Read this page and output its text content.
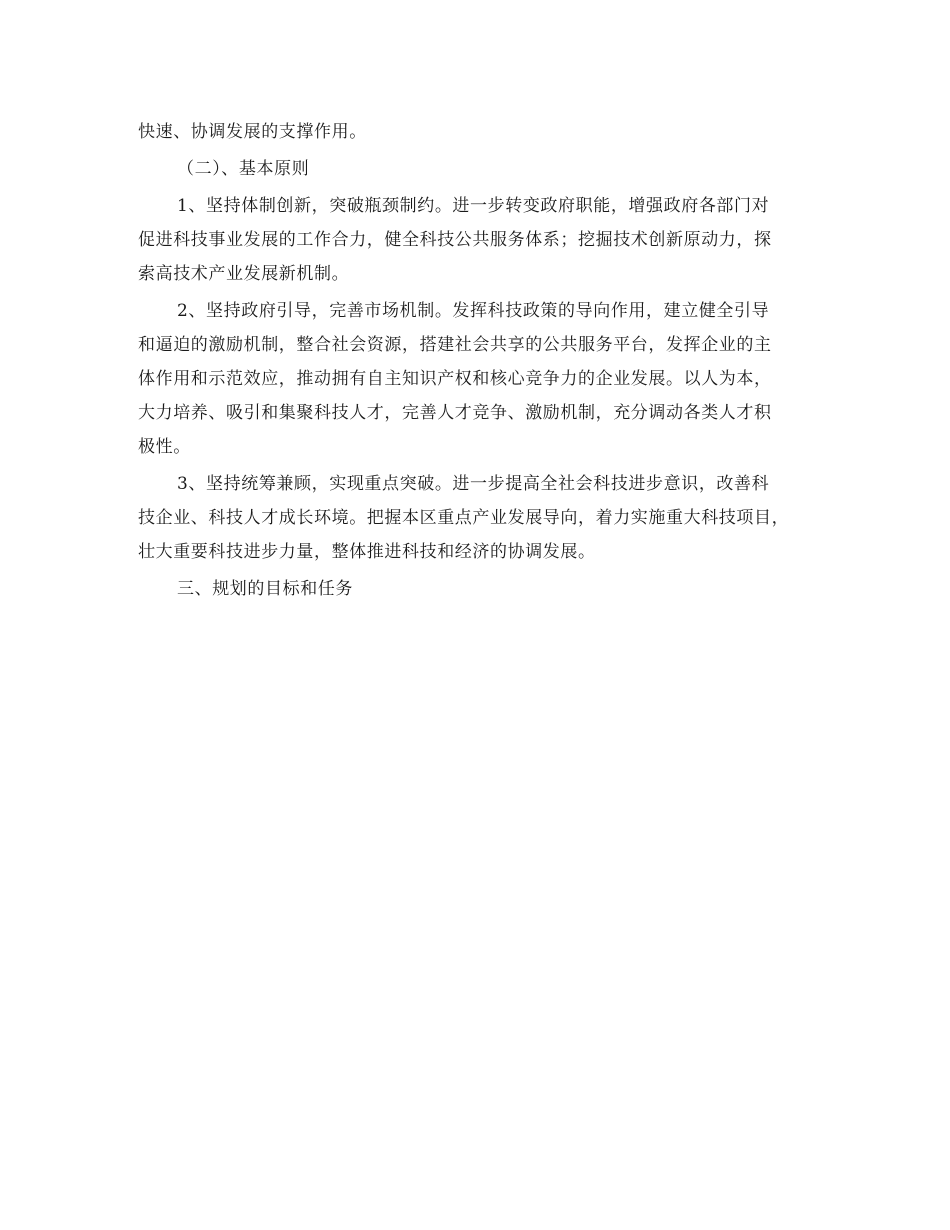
快速、协调发展的支撑作用。
（二）、基本原则
1、坚持体制创新，突破瓶颈制约。进一步转变政府职能，增强政府各部门对
促进科技事业发展的工作合力，健全科技公共服务体系；挖掘技术创新原动力，探
索高技术产业发展新机制。
2、坚持政府引导，完善市场机制。发挥科技政策的导向作用，建立健全引导
和逼迫的激励机制，整合社会资源，搭建社会共享的公共服务平台，发挥企业的主
体作用和示范效应，推动拥有自主知识产权和核心竞争力的企业发展。以人为本，
大力培养、吸引和集聚科技人才，完善人才竞争、激励机制，充分调动各类人才积
极性。
3、坚持统筹兼顾，实现重点突破。进一步提高全社会科技进步意识，改善科
技企业、科技人才成长环境。把握本区重点产业发展导向，着力实施重大科技项目，
壮大重要科技进步力量，整体推进科技和经济的协调发展。
三、规划的目标和任务
